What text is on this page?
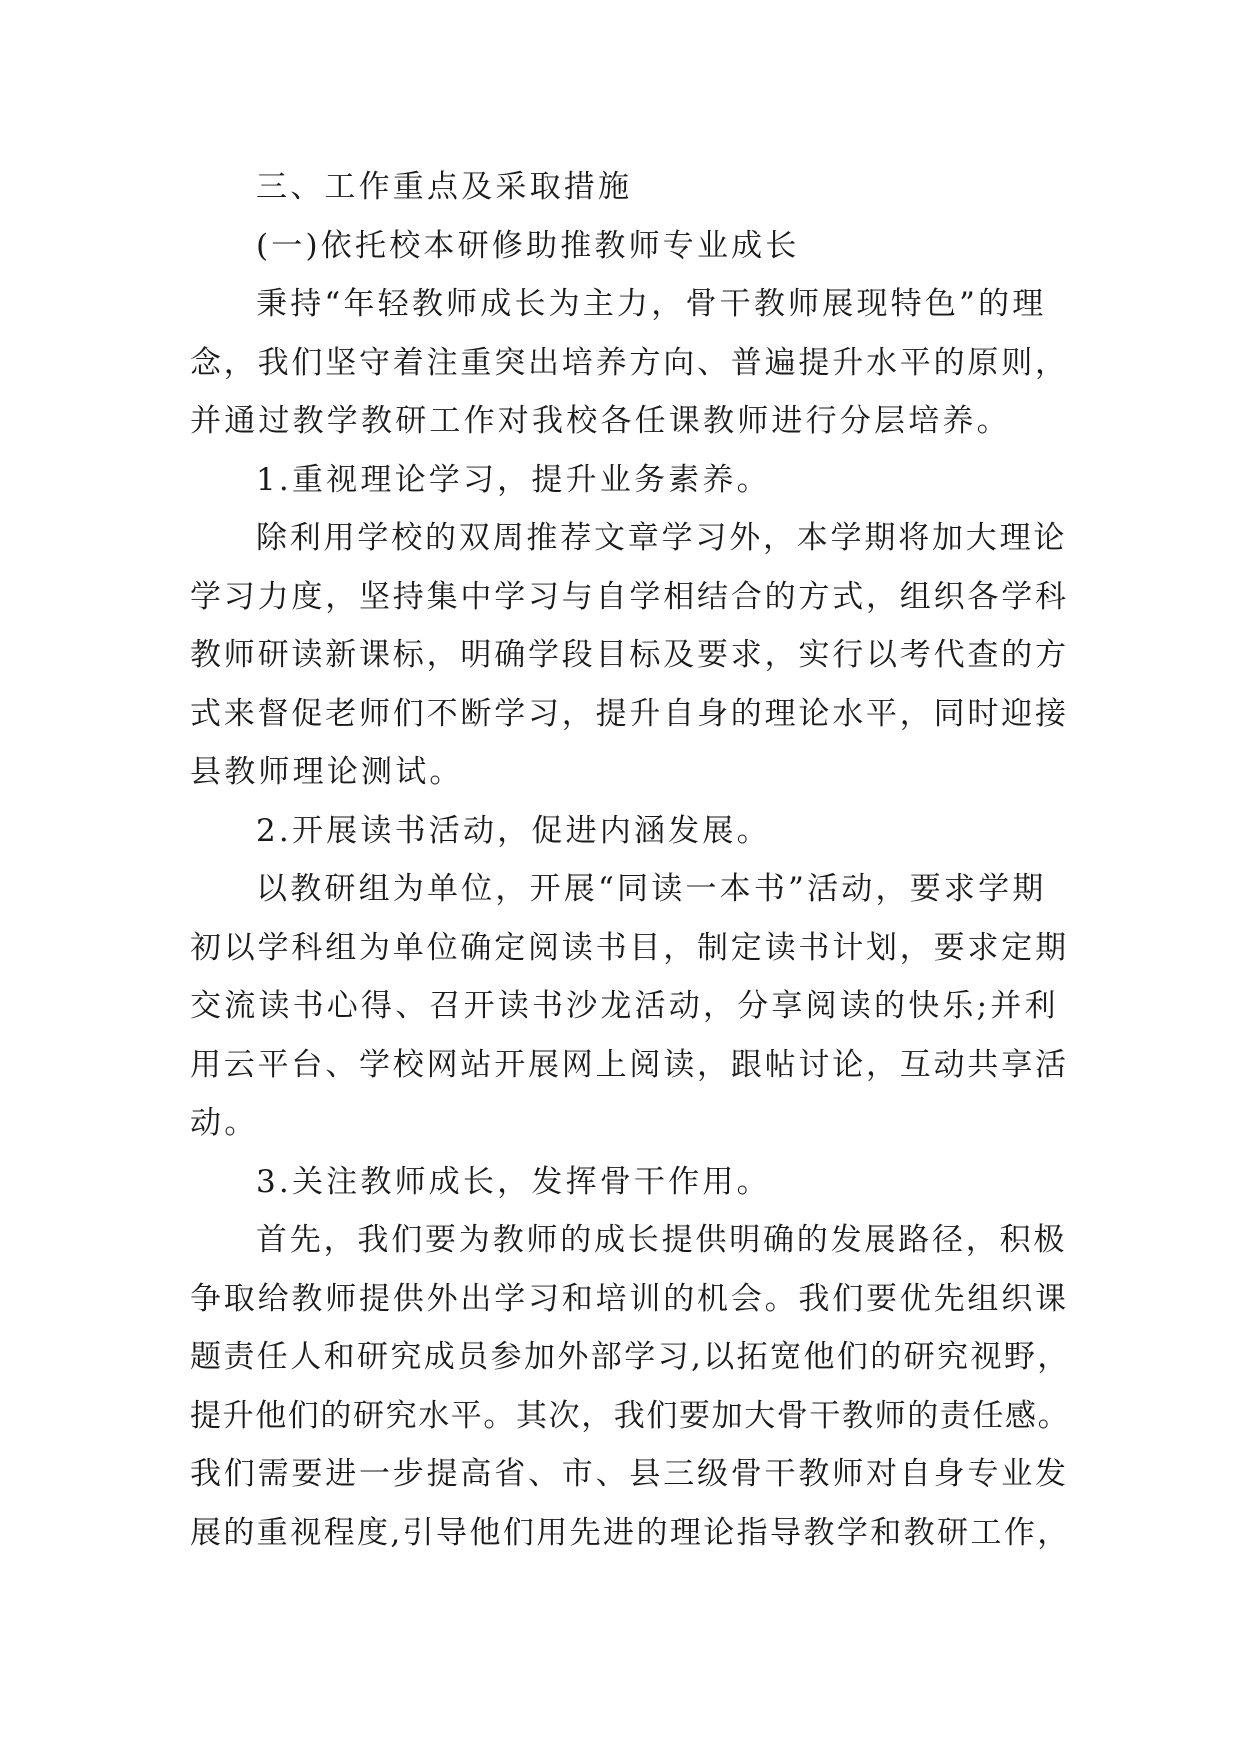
三、工作重点及采取措施
(一)依托校本研修助推教师专业成长
秉持“年轻教师成长为主力，骨干教师展现特色”的理
念，我们坚守着注重突出培养方向、普遍提升水平的原则，
并通过教学教研工作对我校各任课教师进行分层培养。
1.重视理论学习，提升业务素养。
除利用学校的双周推荐文章学习外，本学期将加大理论
学习力度，坚持集中学习与自学相结合的方式，组织各学科
教师研读新课标，明确学段目标及要求，实行以考代查的方
式来督促老师们不断学习，提升自身的理论水平，同时迎接
县教师理论测试。
2.开展读书活动，促进内涵发展。
以教研组为单位，开展“同读一本书”活动，要求学期
初以学科组为单位确定阅读书目，制定读书计划，要求定期
交流读书心得、召开读书沙龙活动，分享阅读的快乐;并利
用云平台、学校网站开展网上阅读，跟帖讨论，互动共享活
动。
3.关注教师成长，发挥骨干作用。
首先，我们要为教师的成长提供明确的发展路径，积极
争取给教师提供外出学习和培训的机会。我们要优先组织课
题责任人和研究成员参加外部学习,以拓宽他们的研究视野，
提升他们的研究水平。其次，我们要加大骨干教师的责任感。
我们需要进一步提高省、市、县三级骨干教师对自身专业发
展的重视程度,引导他们用先进的理论指导教学和教研工作，
